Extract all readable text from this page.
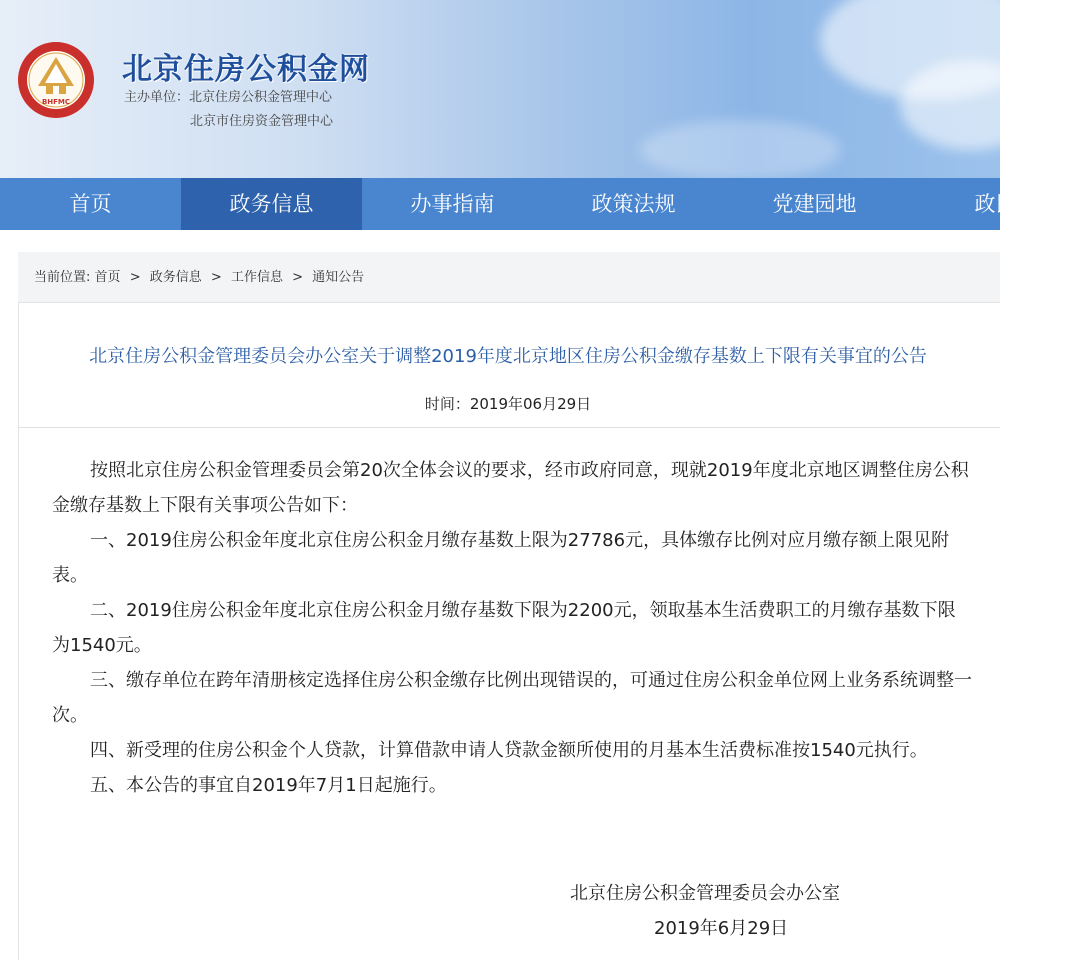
BHFMC
北京住房公积金网
主办单位：北京住房公积金管理中心
北京市住房资金管理中心
首页	政务信息	办事指南	政策法规	党建园地	政民
当前位置: 首页 > 政务信息 > 工作信息 > 通知公告
北京住房公积金管理委员会办公室关于调整2019年度北京地区住房公积金缴存基数上下限有关事宜的公告
时间：2019年06月29日

按照北京住房公积金管理委员会第20次全体会议的要求，经市政府同意，现就2019年度北京地区调整住房公积金缴存基数上下限有关事项公告如下：

一、2019住房公积金年度北京住房公积金月缴存基数上限为27786元，具体缴存比例对应月缴存额上限见附表。

二、2019住房公积金年度北京住房公积金月缴存基数下限为2200元，领取基本生活费职工的月缴存基数下限为1540元。

三、缴存单位在跨年清册核定选择住房公积金缴存比例出现错误的，可通过住房公积金单位网上业务系统调整一次。

四、新受理的住房公积金个人贷款，计算借款申请人贷款金额所使用的月基本生活费标准按1540元执行。

五、本公告的事宜自2019年7月1日起施行。

北京住房公积金管理委员会办公室
2019年6月29日
